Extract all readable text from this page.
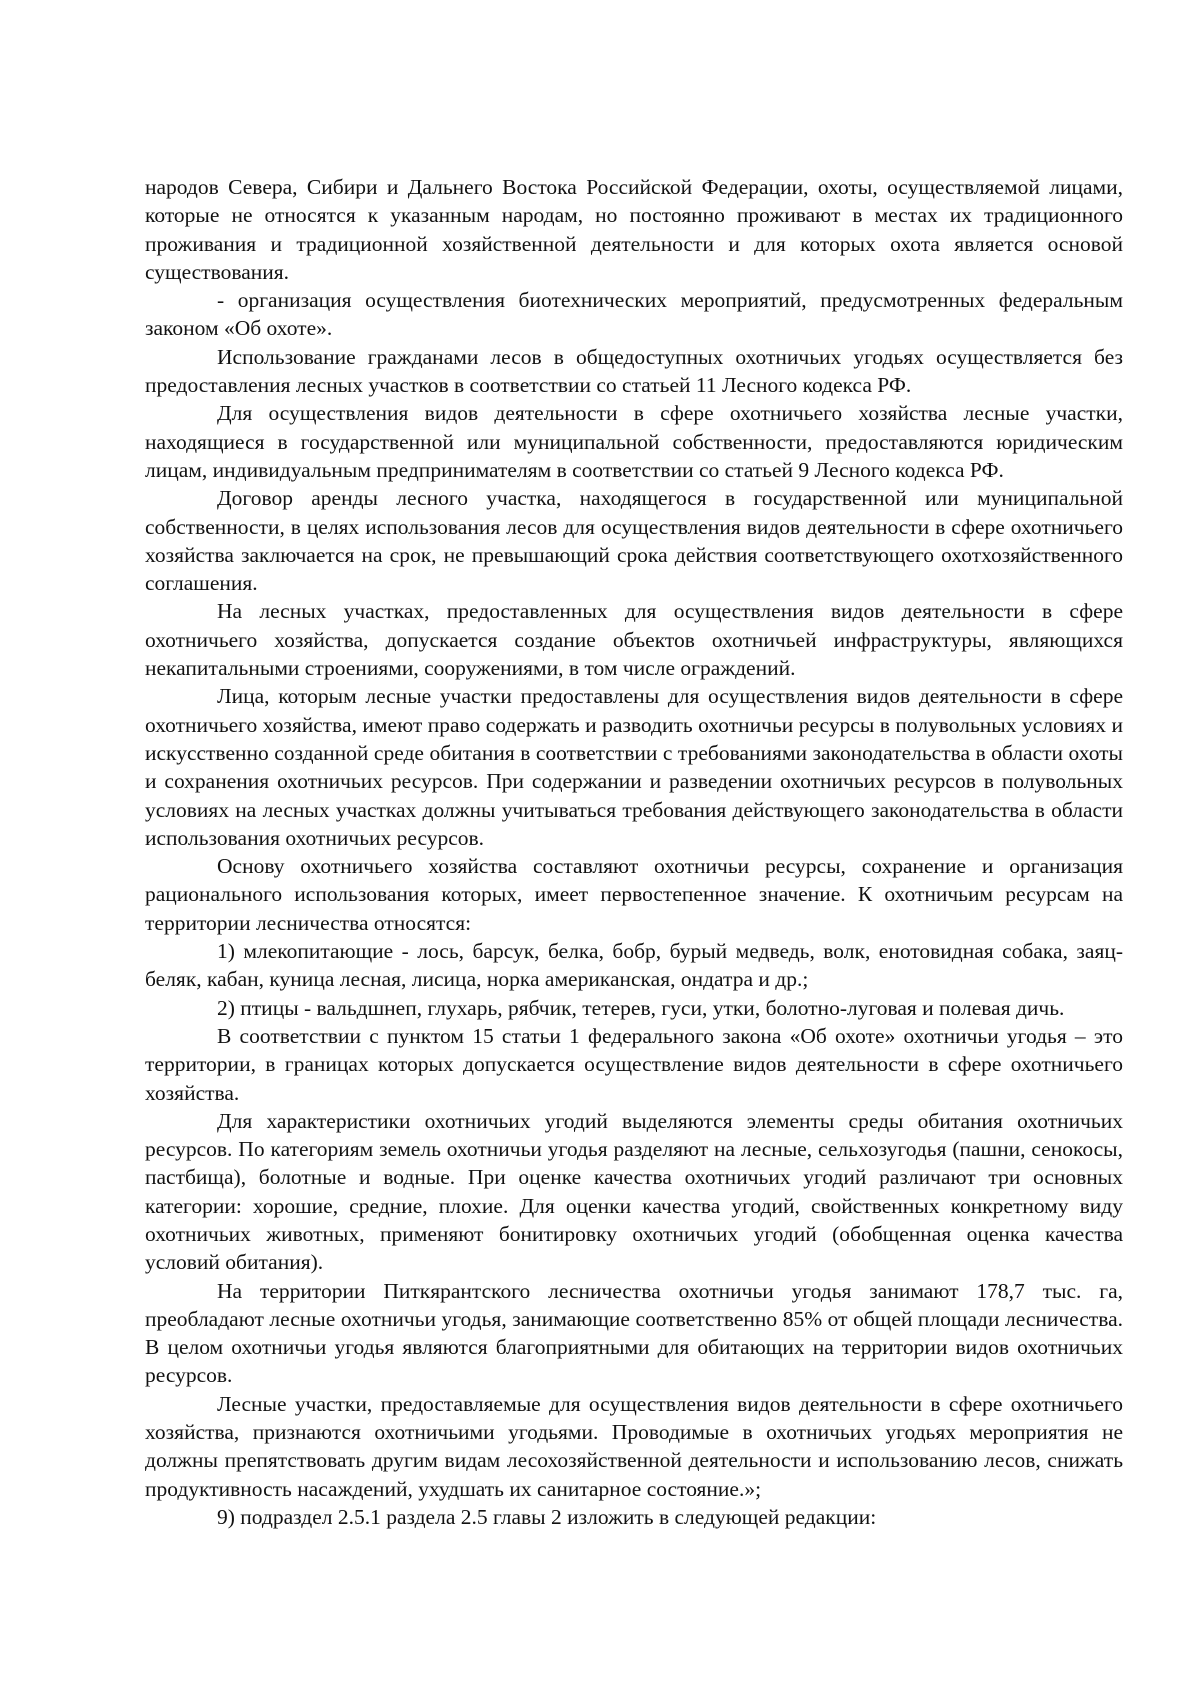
народов Севера, Сибири и Дальнего Востока Российской Федерации, охоты, осуществляемой лицами, которые не относятся к указанным народам, но постоянно проживают в местах их традиционного проживания и традиционной хозяйственной деятельности и для которых охота является основой существования.

- организация осуществления биотехнических мероприятий, предусмотренных федеральным законом «Об охоте».

Использование гражданами лесов в общедоступных охотничьих угодьях осуществляется без предоставления лесных участков в соответствии со статьей 11 Лесного кодекса РФ.

Для осуществления видов деятельности в сфере охотничьего хозяйства лесные участки, находящиеся в государственной или муниципальной собственности, предоставляются юридическим лицам, индивидуальным предпринимателям в соответствии со статьей 9 Лесного кодекса РФ.

Договор аренды лесного участка, находящегося в государственной или муниципальной собственности, в целях использования лесов для осуществления видов деятельности в сфере охотничьего хозяйства заключается на срок, не превышающий срока действия соответствующего охотхозяйственного соглашения.

На лесных участках, предоставленных для осуществления видов деятельности в сфере охотничьего хозяйства, допускается создание объектов охотничьей инфраструктуры, являющихся некапитальными строениями, сооружениями, в том числе ограждений.

Лица, которым лесные участки предоставлены для осуществления видов деятельности в сфере охотничьего хозяйства, имеют право содержать и разводить охотничьи ресурсы в полувольных условиях и искусственно созданной среде обитания в соответствии с требованиями законодательства в области охоты и сохранения охотничьих ресурсов. При содержании и разведении охотничьих ресурсов в полувольных условиях на лесных участках должны учитываться требования действующего законодательства в области использования охотничьих ресурсов.

Основу охотничьего хозяйства составляют охотничьи ресурсы, сохранение и организация рационального использования которых, имеет первостепенное значение. К охотничьим ресурсам на территории лесничества относятся:

1) млекопитающие - лось, барсук, белка, бобр, бурый медведь, волк, енотовидная собака, заяц-беляк, кабан, куница лесная, лисица, норка американская, ондатра и др.;

2) птицы - вальдшнеп, глухарь, рябчик, тетерев, гуси, утки, болотно-луговая и полевая дичь.

В соответствии с пунктом 15 статьи 1 федерального закона «Об охоте» охотничьи угодья – это территории, в границах которых допускается осуществление видов деятельности в сфере охотничьего хозяйства.

Для характеристики охотничьих угодий выделяются элементы среды обитания охотничьих ресурсов. По категориям земель охотничьи угодья разделяют на лесные, сельхозугодья (пашни, сенокосы, пастбища), болотные и водные. При оценке качества охотничьих угодий различают три основных категории: хорошие, средние, плохие. Для оценки качества угодий, свойственных конкретному виду охотничьих животных, применяют бонитировку охотничьих угодий (обобщенная оценка качества условий обитания).

На территории Питкярантского лесничества охотничьи угодья занимают 178,7 тыс. га, преобладают лесные охотничьи угодья, занимающие соответственно 85% от общей площади лесничества. В целом охотничьи угодья являются благоприятными для обитающих на территории видов охотничьих ресурсов.

Лесные участки, предоставляемые для осуществления видов деятельности в сфере охотничьего хозяйства, признаются охотничьими угодьями. Проводимые в охотничьих угодьях мероприятия не должны препятствовать другим видам лесохозяйственной деятельности и использованию лесов, снижать продуктивность насаждений, ухудшать их санитарное состояние.»;

9) подраздел 2.5.1 раздела 2.5 главы 2 изложить в следующей редакции:
